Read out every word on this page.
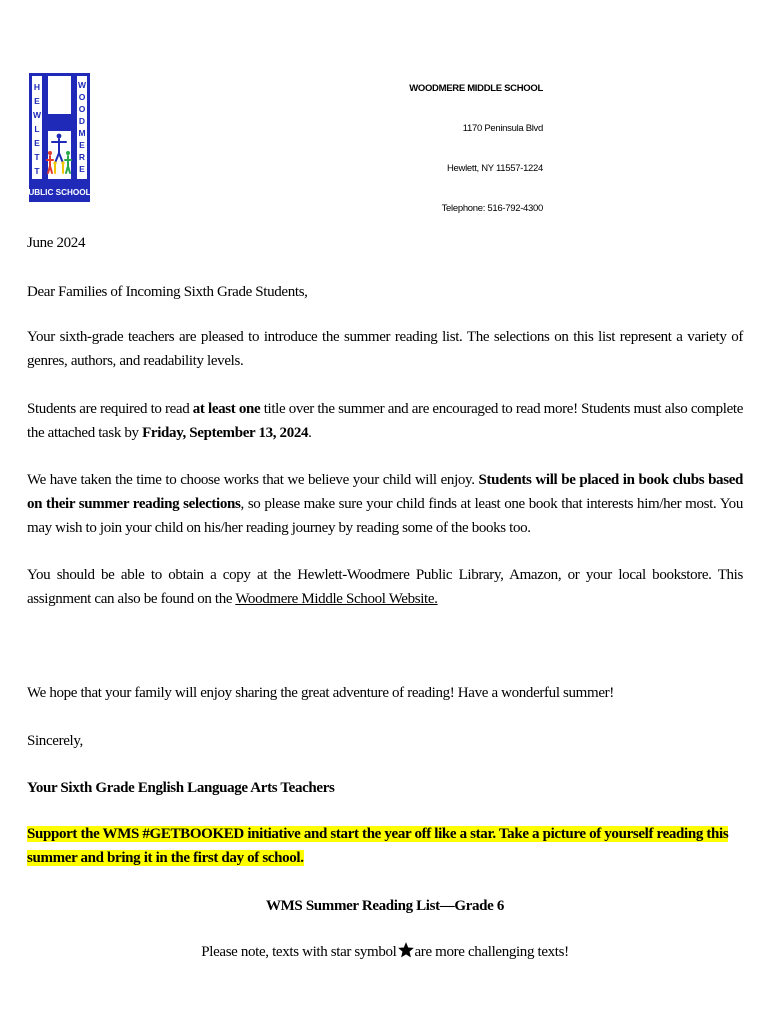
H
E
W
L
E
T
T
W
O
O
D
M
E
R
E
PUBLIC SCHOOLS
WOODMERE MIDDLE SCHOOL
1170 Peninsula Blvd
Hewlett, NY 11557-1224
Telephone: 516-792-4300
June 2024
Dear Families of Incoming Sixth Grade Students,
Your sixth-grade teachers are pleased to introduce the summer reading list. The selections on this list represent a variety of genres, authors, and readability levels.
Students are required to read at least one title over the summer and are encouraged to read more! Students must also complete the attached task by Friday, September 13, 2024.
We have taken the time to choose works that we believe your child will enjoy. Students will be placed in book clubs based on their summer reading selections, so please make sure your child finds at least one book that interests him/her most. You may wish to join your child on his/her reading journey by reading some of the books too.
You should be able to obtain a copy at the Hewlett-Woodmere Public Library, Amazon, or your local bookstore. This assignment can also be found on the Woodmere Middle School Website.
We hope that your family will enjoy sharing the great adventure of reading! Have a wonderful summer!
Sincerely,
Your Sixth Grade English Language Arts Teachers
Support the WMS #GETBOOKED initiative and start the year off like a star. Take a picture of yourself reading this
summer and bring it in the first day of school.
WMS Summer Reading List—Grade 6
Please note, texts with star symbol are more challenging texts!
